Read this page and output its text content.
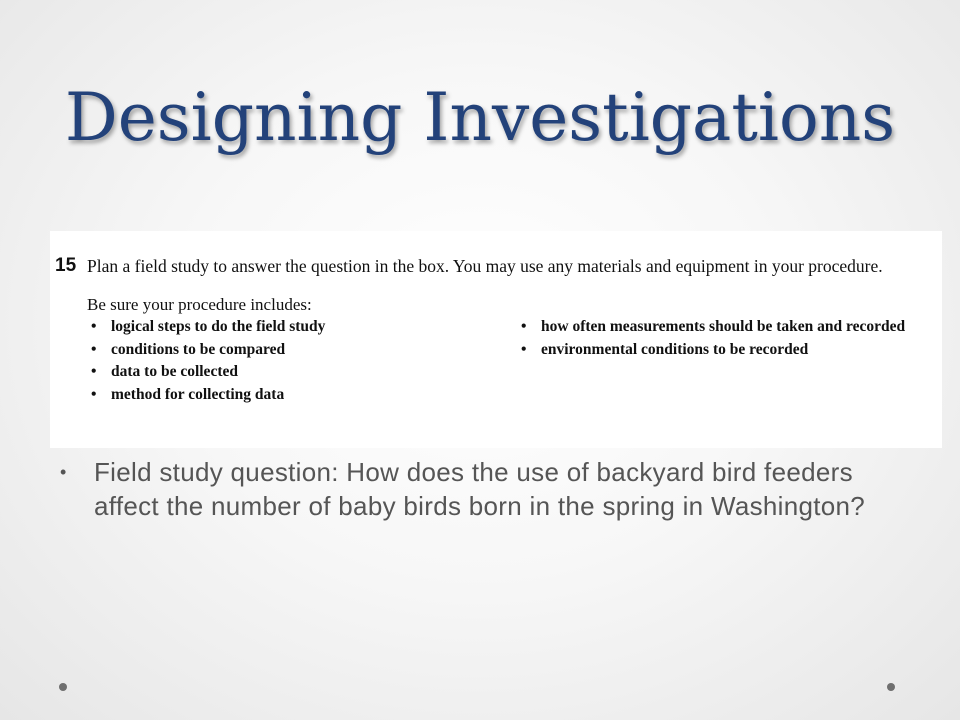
Designing Investigations
15 Plan a field study to answer the question in the box. You may use any materials and equipment in your procedure.
Be sure your procedure includes:
• logical steps to do the field study
• conditions to be compared
• data to be collected
• method for collecting data
• how often measurements should be taken and recorded
• environmental conditions to be recorded
•	Field study question: How does the use of backyard bird feeders affect the number of baby birds born in the spring in Washington?
